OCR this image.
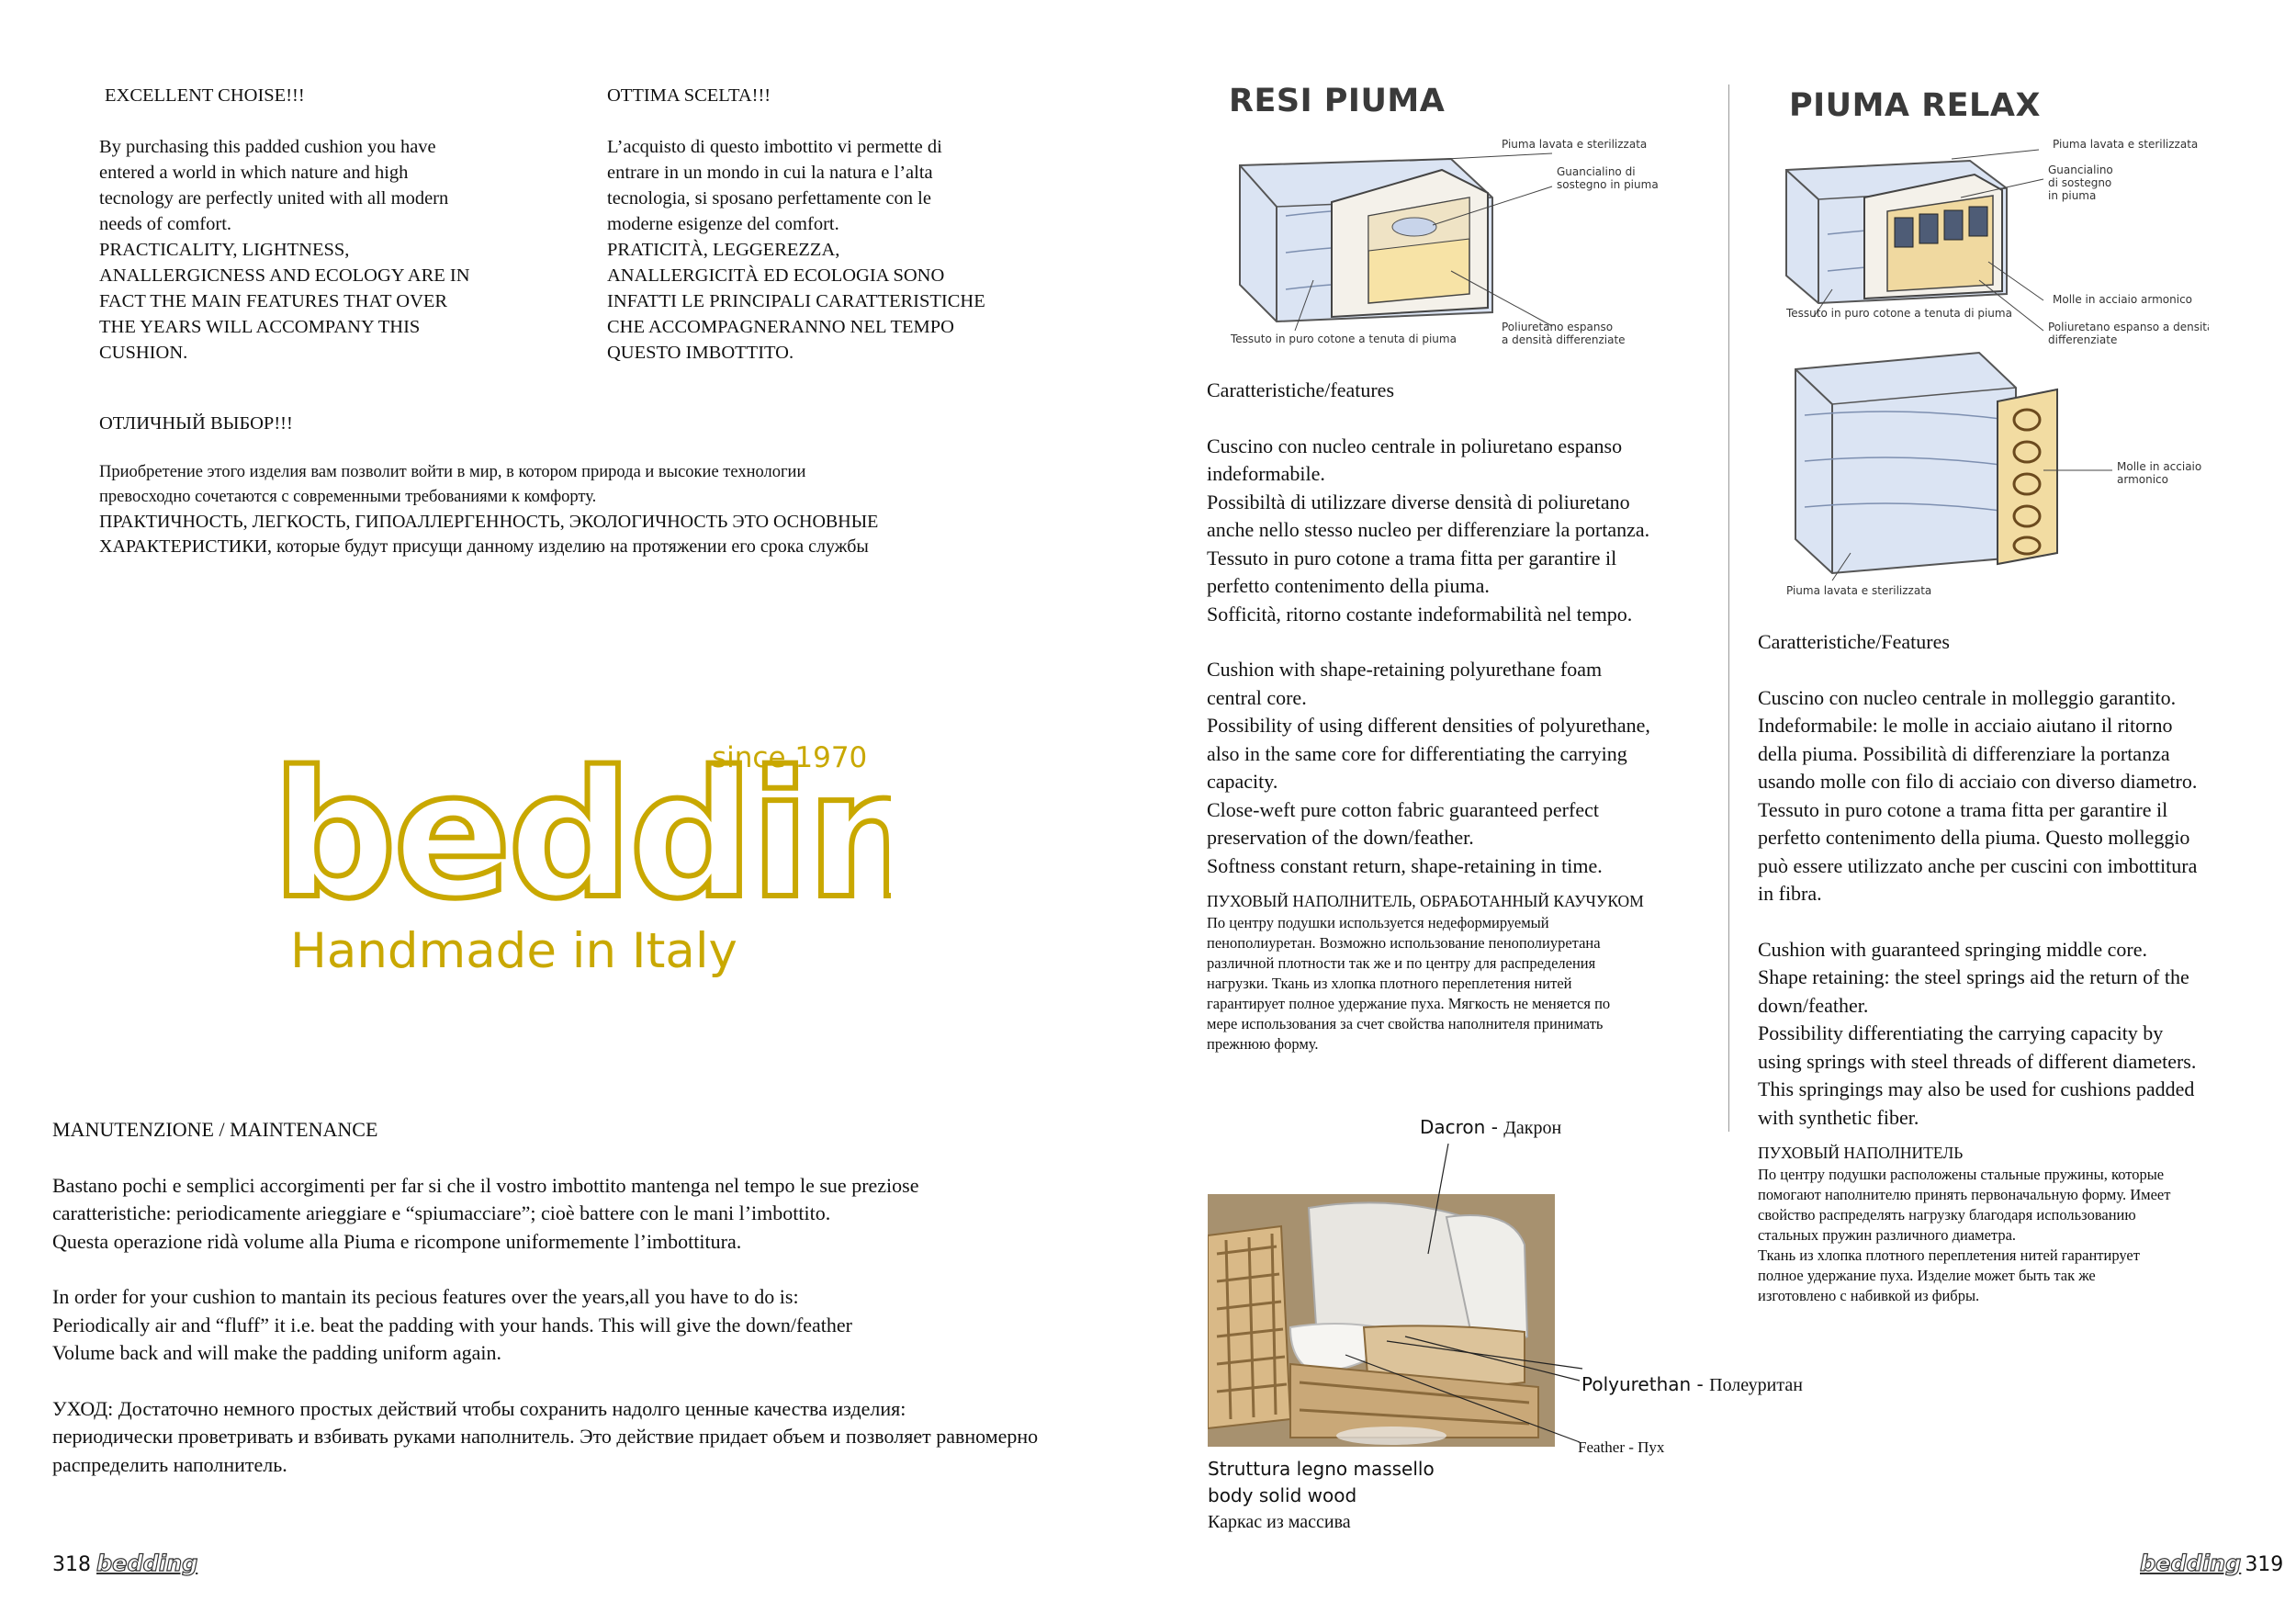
EXCELLENT CHOISE!!!
By purchasing this padded cushion you have
entered a world in which nature and high
tecnology are perfectly united with all modern
needs of comfort.
PRACTICALITY, LIGHTNESS,
ANALLERGICNESS AND ECOLOGY ARE IN
FACT THE MAIN FEATURES THAT OVER
THE YEARS WILL ACCOMPANY THIS
CUSHION.
OTTIMA SCELTA!!!
L’acquisto di questo imbottito vi permette di
entrare in un mondo in cui la natura e l’alta
tecnologia, si sposano perfettamente con le
moderne esigenze del comfort.
PRATICITÀ, LEGGEREZZA,
ANALLERGICITÀ ED ECOLOGIA SONO
INFATTI LE PRINCIPALI CARATTERISTICHE
CHE ACCOMPAGNERANNO NEL TEMPO
QUESTO IMBOTTITO.
ОТЛИЧНЫЙ ВЫБОР!!!
Приобретение этого изделия вам позволит войти в мир, в котором природа и высокие технологии
превосходно сочетаются с современными требованиями к комфорту.
ПРАКТИЧНОСТЬ, ЛЕГКОСТЬ, ГИПОАЛЛЕРГЕННОСТЬ, ЭКОЛОГИЧНОСТЬ ЭТО ОСНОВНЫЕ
ХАРАКТЕРИСТИКИ, которые будут присущи данному изделию на протяжении его срока службы
beddin
beddin
since 1970
Handmade in Italy
MANUTENZIONE / MAINTENANCE
Bastano pochi e semplici accorgimenti per far si che il vostro imbottito mantenga nel tempo le sue preziose
caratteristiche: periodicamente arieggiare e “spiumacciare”; cioè battere con le mani l’imbottito.
Questa operazione ridà volume alla Piuma e ricompone uniformemente l’imbottitura.
In order for your cushion to mantain its pecious features over the years,all you have to do is:
Periodically air and “fluff” it i.e. beat the padding with your hands. This will give the down/feather
Volume back and will make the padding uniform again.
УХОД: Достаточно немного простых действий чтобы сохранить надолго ценные качества изделия:
периодически проветривать и взбивать руками наполнитель. Это действие придает объем и позволяет равномерно
распределить наполнитель.
318 bedding
RESI PIUMA
Piuma lavata e sterilizzata
Guancialino di
sostegno in piuma
Tessuto in puro cotone a tenuta di piuma
Poliuretano espanso
a densità differenziate
Caratteristiche/features
Cuscino con nucleo centrale in poliuretano espanso
indeformabile.
Possibiltà di utilizzare diverse densità di poliuretano
anche nello stesso nucleo per differenziare la portanza.
Tessuto in puro cotone a trama fitta per garantire il
perfetto contenimento della piuma.
Sofficità, ritorno costante indeformabilità nel tempo.
Cushion with shape-retaining polyurethane foam
central core.
Possibility of using different densities of polyurethane,
also in the same core for differentiating the carrying
capacity.
Close-weft pure cotton fabric guaranteed perfect
preservation of the down/feather.
Softness constant return, shape-retaining in time.
ПУХОВЫЙ НАПОЛНИТЕЛЬ, ОБРАБОТАННЫЙ КАУЧУКОМ
По центру подушки используется недеформируемый
пенополиуретан. Возможно использование пенополиуретана
различной плотности так же и по центру для распределения
нагрузки. Ткань из хлопка плотного переплетения нитей
гарантирует полное удержание пуха. Мягкость не меняется по
мере использования за счет свойства наполнителя принимать
прежнюю форму.
PIUMA RELAX
Piuma lavata e sterilizzata
Guancialino
di sostegno
in piuma
Molle in acciaio armonico
Tessuto in puro cotone a tenuta di piuma
Poliuretano espanso a densità
differenziate
Molle in acciaio
armonico
Piuma lavata e sterilizzata
Caratteristiche/Features
Cuscino con nucleo centrale in molleggio garantito.
Indeformabile: le molle in acciaio aiutano il ritorno
della piuma. Possibilità di differenziare la portanza
usando molle con filo di acciaio con diverso diametro.
Tessuto in puro cotone a trama fitta per garantire il
perfetto contenimento della piuma. Questo molleggio
può essere utilizzato anche per cuscini con imbottitura
in fibra.
Cushion with guaranteed springing middle core.
Shape retaining: the steel springs aid the return of the
down/feather.
Possibility differentiating the carrying capacity by
using springs with steel threads of different diameters.
This springings may also be used for cushions padded
with synthetic fiber.
ПУХОВЫЙ НАПОЛНИТЕЛЬ
По центру подушки расположены стальные пружины, которые
помогают наполнителю принять первоначальную форму. Имеет
свойство распределять нагрузку благодаря использованию
стальных пружин различного диаметра.
Ткань из хлопка плотного переплетения нитей гарантирует
полное удержание пуха. Изделие может быть так же
изготовлено с набивкой из фибры.
Dacron - Дакрон
Polyurethan - Полеуритан
Feather - Пух
Struttura legno massello
body solid wood
Каркас из массива
bedding 319
